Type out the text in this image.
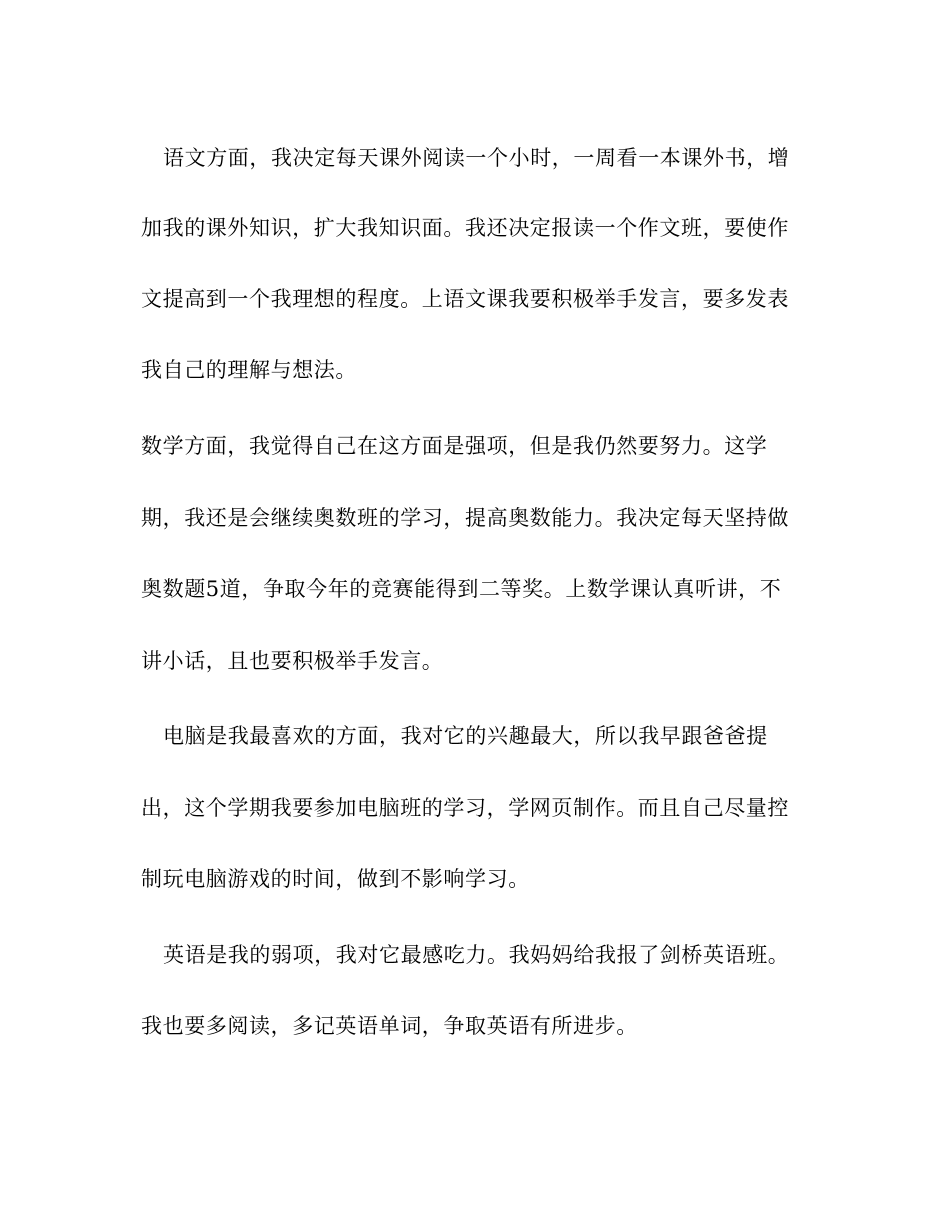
语文方面，我决定每天课外阅读一个小时，一周看一本课外书，增
加我的课外知识，扩大我知识面。我还决定报读一个作文班，要使作
文提高到一个我理想的程度。上语文课我要积极举手发言，要多发表
我自己的理解与想法。
数学方面，我觉得自己在这方面是强项，但是我仍然要努力。这学
期，我还是会继续奥数班的学习，提高奥数能力。我决定每天坚持做
奥数题5道，争取今年的竞赛能得到二等奖。上数学课认真听讲，不
讲小话，且也要积极举手发言。
电脑是我最喜欢的方面，我对它的兴趣最大，所以我早跟爸爸提
出，这个学期我要参加电脑班的学习，学网页制作。而且自己尽量控
制玩电脑游戏的时间，做到不影响学习。
英语是我的弱项，我对它最感吃力。我妈妈给我报了剑桥英语班。
我也要多阅读，多记英语单词，争取英语有所进步。
